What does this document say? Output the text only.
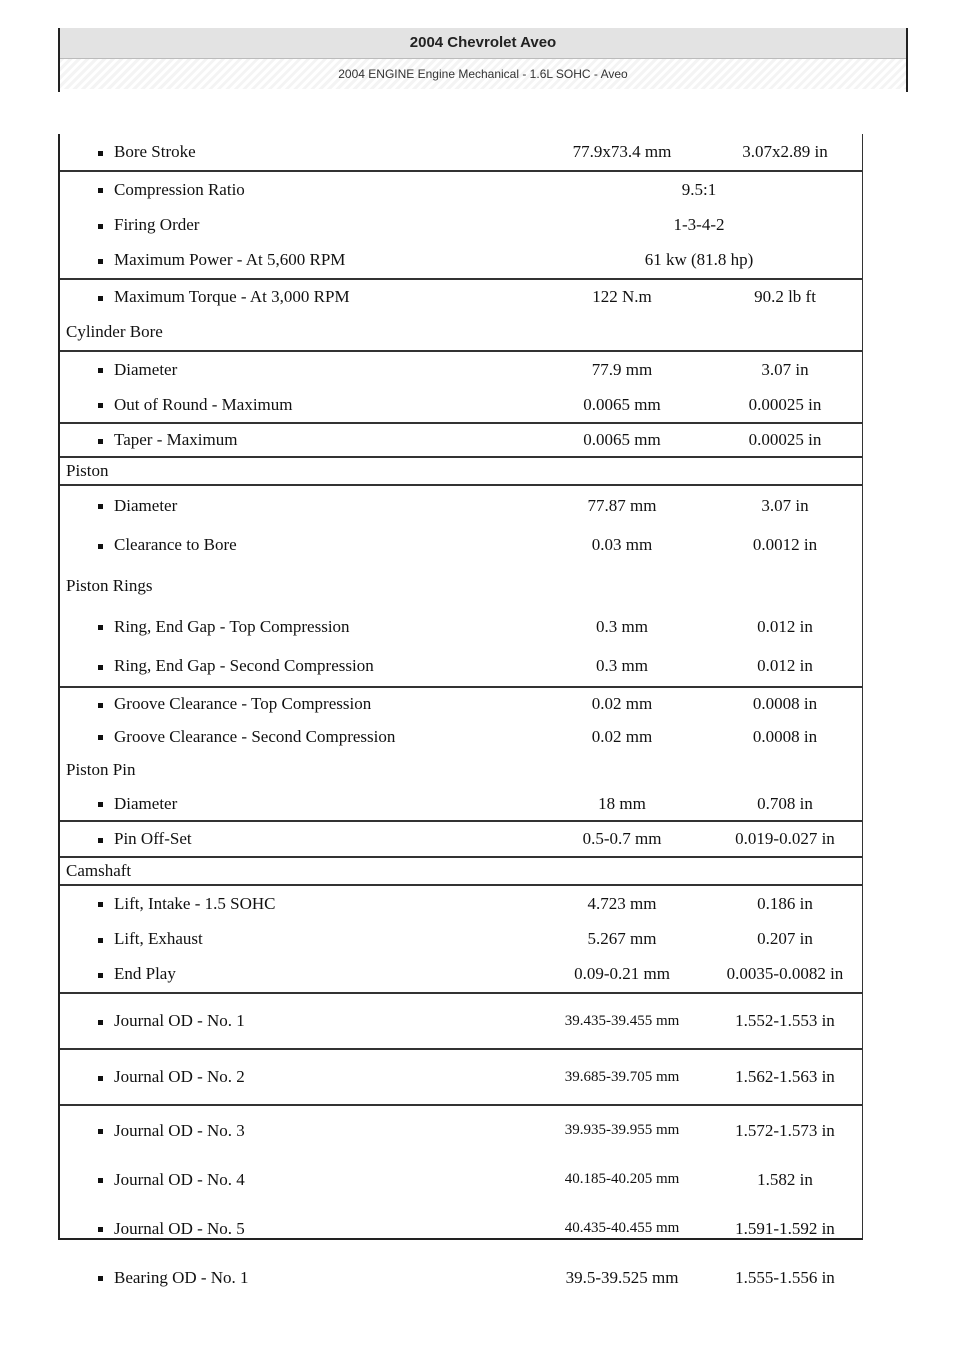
2004 Chevrolet Aveo
2004 ENGINE Engine Mechanical - 1.6L SOHC - Aveo
Bore Stroke	77.9x73.4 mm	3.07x2.89 in
Compression Ratio	9.5:1
Firing Order	1-3-4-2
Maximum Power - At 5,600 RPM	61 kw (81.8 hp)
Maximum Torque - At 3,000 RPM	122 N.m	90.2 lb ft
Cylinder Bore
Diameter	77.9 mm	3.07 in
Out of Round - Maximum	0.0065 mm	0.00025 in
Taper - Maximum	0.0065 mm	0.00025 in
Piston
Diameter	77.87 mm	3.07 in
Clearance to Bore	0.03 mm	0.0012 in
Piston Rings
Ring, End Gap - Top Compression	0.3 mm	0.012 in
Ring, End Gap - Second Compression	0.3 mm	0.012 in
Groove Clearance - Top Compression	0.02 mm	0.0008 in
Groove Clearance - Second Compression	0.02 mm	0.0008 in
Piston Pin
Diameter	18 mm	0.708 in
Pin Off-Set	0.5-0.7 mm	0.019-0.027 in
Camshaft
Lift, Intake - 1.5 SOHC	4.723 mm	0.186 in
Lift, Exhaust	5.267 mm	0.207 in
End Play	0.09-0.21 mm	0.0035-0.0082 in
Journal OD - No. 1	39.435-39.455 mm	1.552-1.553 in
Journal OD - No. 2	39.685-39.705 mm	1.562-1.563 in
Journal OD - No. 3	39.935-39.955 mm	1.572-1.573 in
Journal OD - No. 4	40.185-40.205 mm	1.582 in
Journal OD - No. 5	40.435-40.455 mm	1.591-1.592 in
Bearing OD - No. 1	39.5-39.525 mm	1.555-1.556 in
